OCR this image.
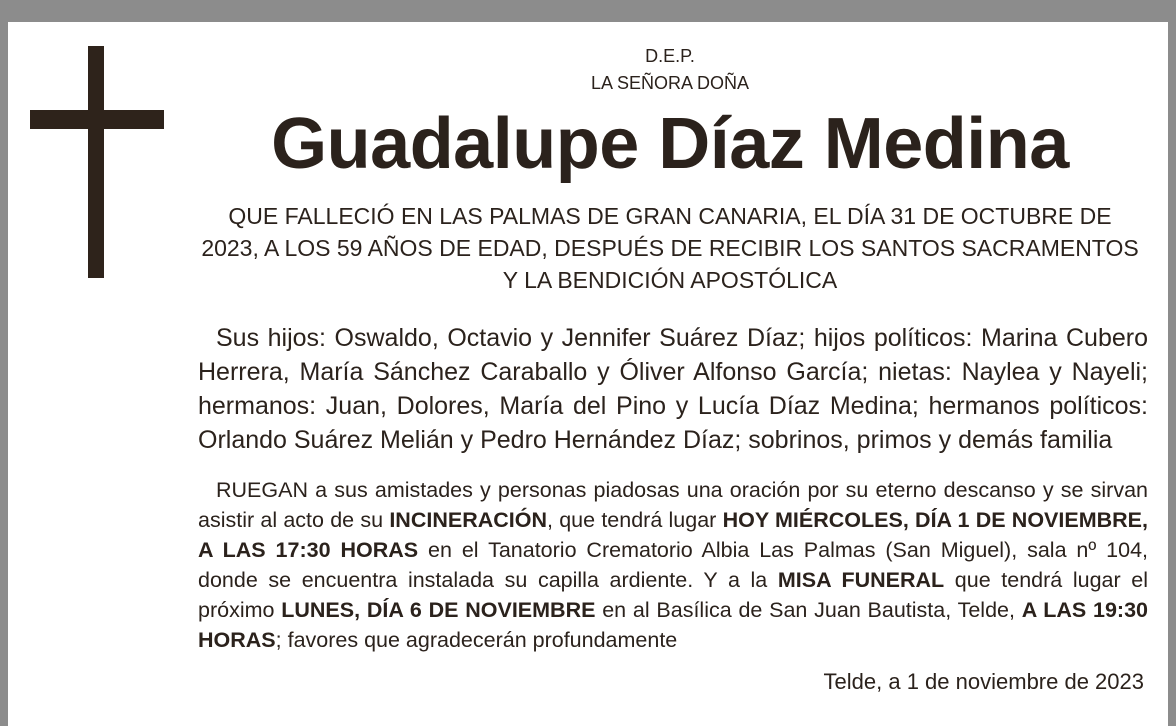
D.E.P.

LA SEÑORA DOÑA

Guadalupe Díaz Medina

QUE FALLECIÓ EN LAS PALMAS DE GRAN CANARIA, EL DÍA 31 DE OCTUBRE DE 2023, A LOS 59 AÑOS DE EDAD, DESPUÉS DE RECIBIR LOS SANTOS SACRAMENTOS Y LA BENDICIÓN APOSTÓLICA

Sus hijos: Oswaldo, Octavio y Jennifer Suárez Díaz; hijos políticos: Marina Cubero Herrera, María Sánchez Caraballo y Óliver Alfonso García; nietas: Naylea y Nayeli; hermanos: Juan, Dolores, María del Pino y Lucía Díaz Medina; hermanos políticos: Orlando Suárez Melián y Pedro Hernández Díaz; sobrinos, primos y demás familia

RUEGAN a sus amistades y personas piadosas una oración por su eterno descanso y se sirvan asistir al acto de su INCINERACIÓN, que tendrá lugar HOY MIÉRCOLES, DÍA 1 DE NOVIEMBRE, A LAS 17:30 HORAS en el Tanatorio Crematorio Albia Las Palmas (San Miguel), sala nº 104, donde se encuentra instalada su capilla ardiente. Y a la MISA FUNERAL que tendrá lugar el próximo LUNES, DÍA 6 DE NOVIEMBRE en al Basílica de San Juan Bautista, Telde, A LAS 19:30 HORAS; favores que agradecerán profundamente

Telde, a 1 de noviembre de 2023
